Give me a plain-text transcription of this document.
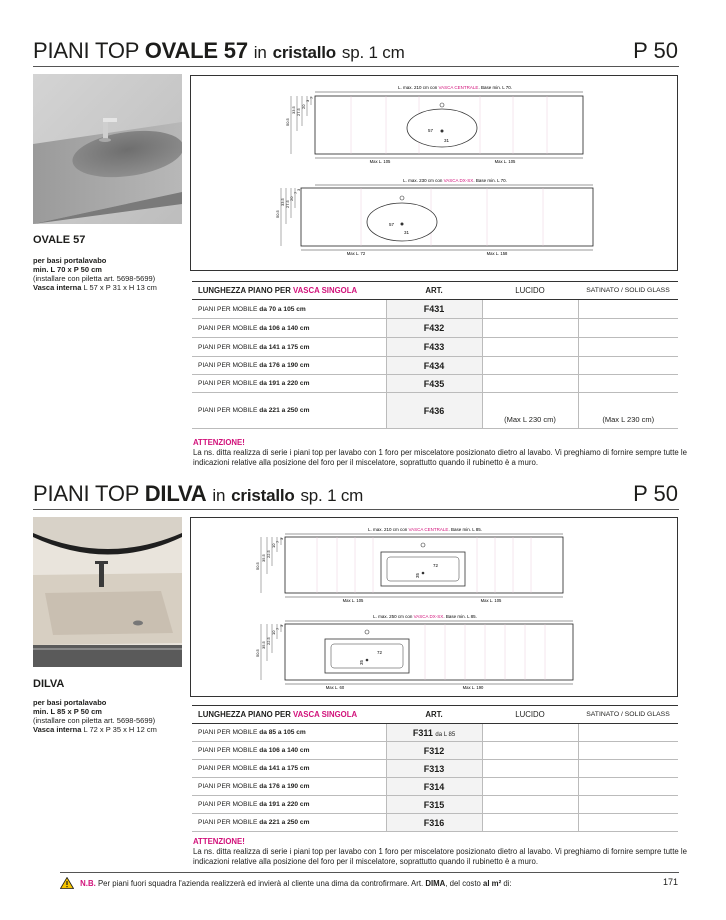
PIANI TOP OVALE 57 in cristallo sp. 1 cm	P 50
OVALE 57
per basi portalavabo
min. L 70 x P 50 cm
(installare con piletta art. 5698-5699)
Vasca interna L 57 x P 31 x H 13 cm
L. max. 210 cm con VASCA CENTRALE. Base min. L 70.
57
31
Max L. 105	Max L. 105
50.5
33.5 27.5
20
3
7
L. max. 230 cm con VASCA DX-SX. Base min. L 70.
57
31
Max L. 72	Max L. 158
50.5
33.5 27.5
20
7
3
LUNGHEZZA PIANO PER VASCA SINGOLA	ART.	LUCIDO	SATINATO / SOLID GLASS
PIANI PER MOBILE da 70 a 105 cm	F431		
PIANI PER MOBILE da 106 a 140 cm	F432		
PIANI PER MOBILE da 141 a 175 cm	F433		
PIANI PER MOBILE da 176 a 190 cm	F434		
PIANI PER MOBILE da 191 a 220 cm	F435		
PIANI PER MOBILE da 221 a 250 cm	F436	(Max L 230 cm)	(Max L 230 cm)
ATTENZIONE!
La ns. ditta realizza di serie i piani top per lavabo con 1 foro per miscelatore posizionato dietro al lavabo. Vi preghiamo di fornire sempre tutte le indicazioni relative alla posizione del foro per il miscelatore, soprattutto quando il rubinetto è a muro.
PIANI TOP DILVA in cristallo sp. 1 cm	P 50
DILVA
per basi portalavabo
min. L 85 x P 50 cm
(installare con piletta art. 5698-5699)
Vasca interna L 72 x P 35 x H 12 cm
L. max. 210 cm con VASCA CENTRALE. Base min. L 85.
72
35
Max L. 105	Max L. 105
50.5
35.5
22.5
10
7
3
L. max. 250 cm con VASCA DX-SX. Base min. L 85.
72
35
Max L. 60	Max L. 190
50.5
35.5
22.5
10
7
3
LUNGHEZZA PIANO PER VASCA SINGOLA	ART.	LUCIDO	SATINATO / SOLID GLASS
PIANI PER MOBILE da 85 a 105 cm	F311 da L 85		
PIANI PER MOBILE da 106 a 140 cm	F312		
PIANI PER MOBILE da 141 a 175 cm	F313		
PIANI PER MOBILE da 176 a 190 cm	F314		
PIANI PER MOBILE da 191 a 220 cm	F315		
PIANI PER MOBILE da 221 a 250 cm	F316		
ATTENZIONE!
La ns. ditta realizza di serie i piani top per lavabo con 1 foro per miscelatore posizionato dietro al lavabo. Vi preghiamo di fornire sempre tutte le indicazioni relative alla posizione del foro per il miscelatore, soprattutto quando il rubinetto è a muro.
N.B. Per piani fuori squadra l'azienda realizzerà ed invierà al cliente una dima da controfirmare. Art. DIMA, del costo al m² di:	171
